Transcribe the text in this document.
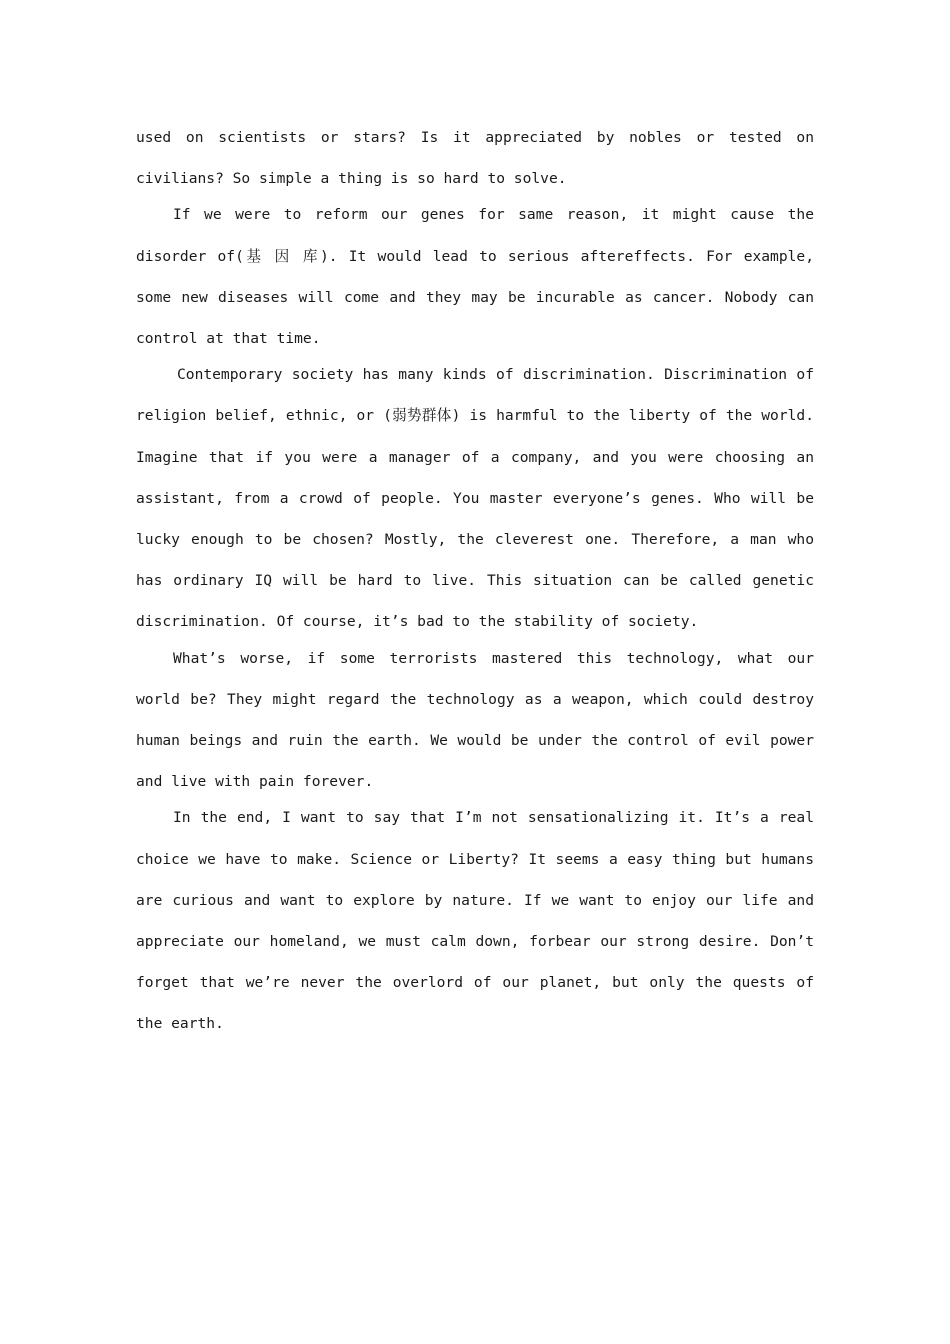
used on scientists or stars? Is it appreciated by nobles or tested on civilians? So simple a thing is so hard to solve.

If we were to reform our genes for same reason, it might cause the disorder of(基 因 库). It would lead to serious aftereffects. For example, some new diseases will come and they may be incurable as cancer. Nobody can control at that time.

Contemporary society has many kinds of discrimination. Discrimination of religion belief, ethnic, or (弱势群体) is harmful to the liberty of the world. Imagine that if you were a manager of a company, and you were choosing an assistant, from a crowd of people. You master everyone’s genes. Who will be lucky enough to be chosen? Mostly, the cleverest one. Therefore, a man who has ordinary IQ will be hard to live. This situation can be called genetic discrimination. Of course, it’s bad to the stability of society.

What’s worse, if some terrorists mastered this technology, what our world be? They might regard the technology as a weapon, which could destroy human beings and ruin the earth. We would be under the control of evil power and live with pain forever.

In the end, I want to say that I’m not sensationalizing it. It’s a real choice we have to make. Science or Liberty? It seems a easy thing but humans are curious and want to explore by nature. If we want to enjoy our life and appreciate our homeland, we must calm down, forbear our strong desire. Don’t forget that we’re never the overlord of our planet, but only the quests of the earth.
